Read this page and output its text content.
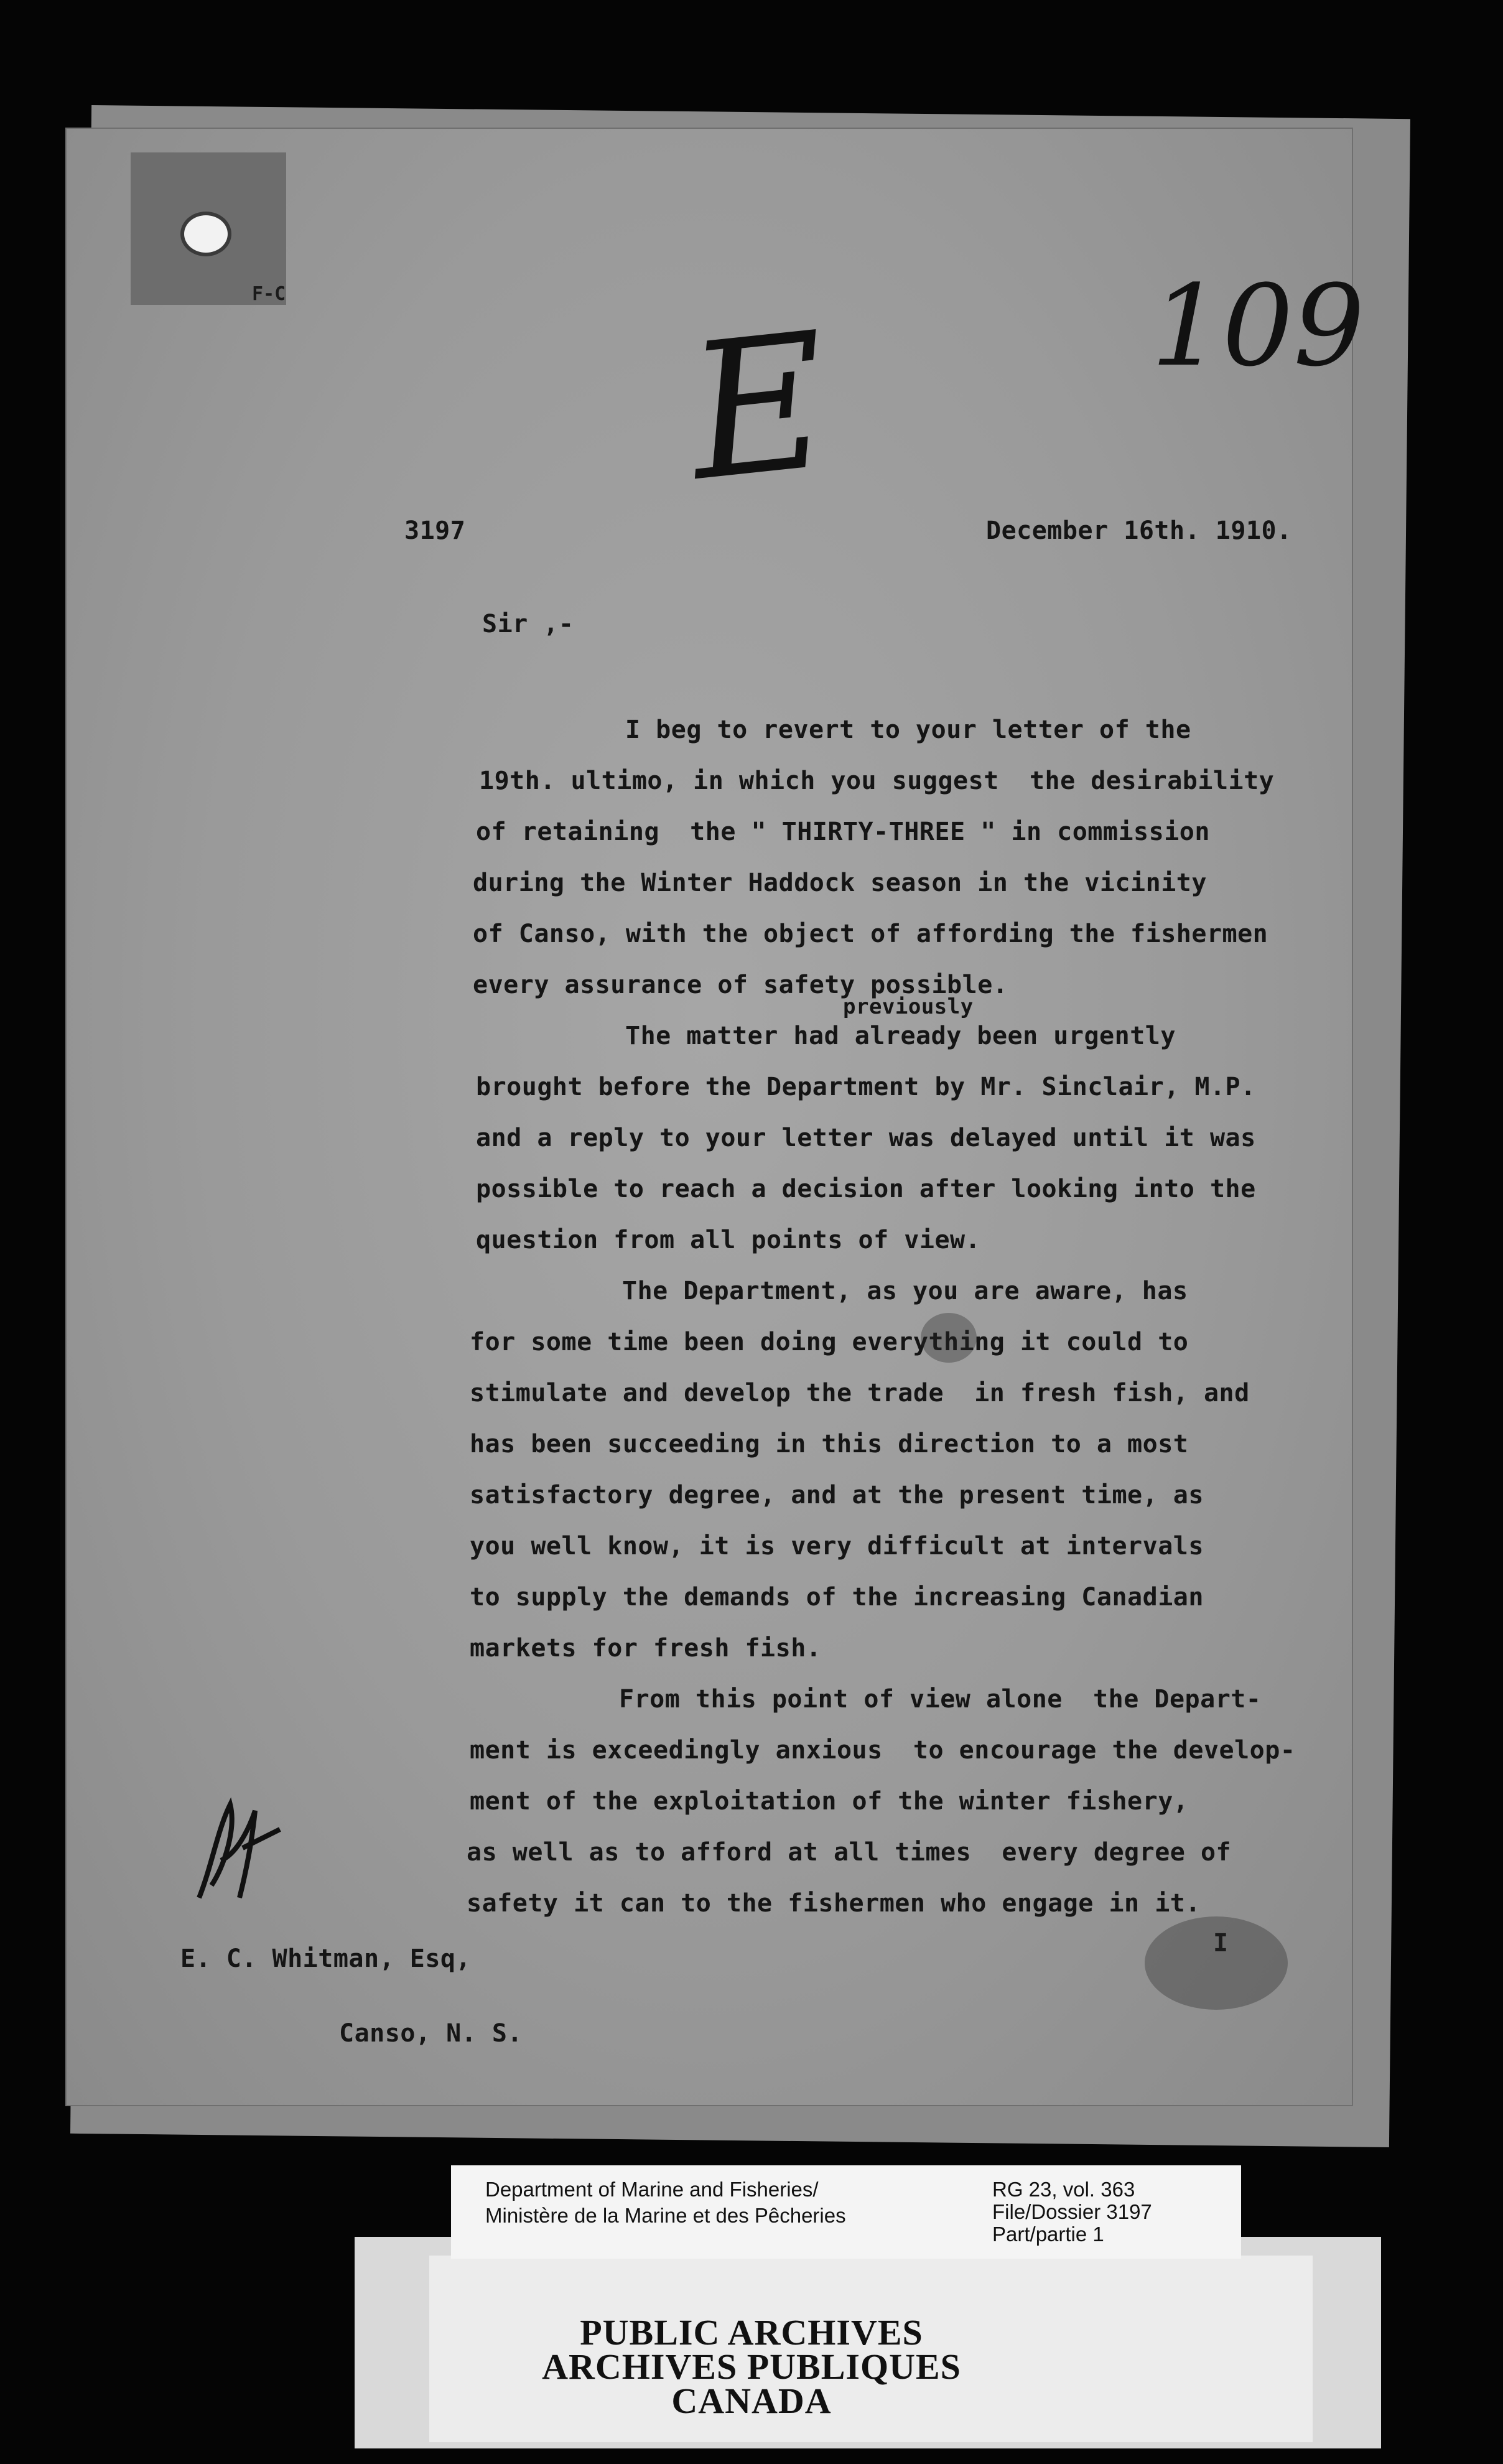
F-C	109
E
3197	December 16th. 1910.
Sir ,-
I beg to revert to your letter of the
19th. ultimo, in which you suggest  the desirability
of retaining  the " THIRTY-THREE " in commission
during the Winter Haddock season in the vicinity
of Canso, with the object of affording the fishermen
every assurance of safety possible.
previously
The matter had already been urgently
brought before the Department by Mr. Sinclair, M.P.
and a reply to your letter was delayed until it was
possible to reach a decision after looking into the
question from all points of view.
The Department, as you are aware, has
for some time been doing everything it could to
stimulate and develop the trade  in fresh fish, and
has been succeeding in this direction to a most
satisfactory degree, and at the present time, as
you well know, it is very difficult at intervals
to supply the demands of the increasing Canadian
markets for fresh fish.
From this point of view alone  the Depart-
ment is exceedingly anxious  to encourage the develop-
ment of the exploitation of the winter fishery,
as well as to afford at all times  every degree of
safety it can to the fishermen who engage in it.
I
E. C. Whitman, Esq,
Canso, N. S.
Department of Marine and Fisheries/
Ministère de la Marine et des Pêcheries
RG 23, vol. 363
File/Dossier 3197
Part/partie 1
PUBLIC ARCHIVES
ARCHIVES PUBLIQUES
CANADA
